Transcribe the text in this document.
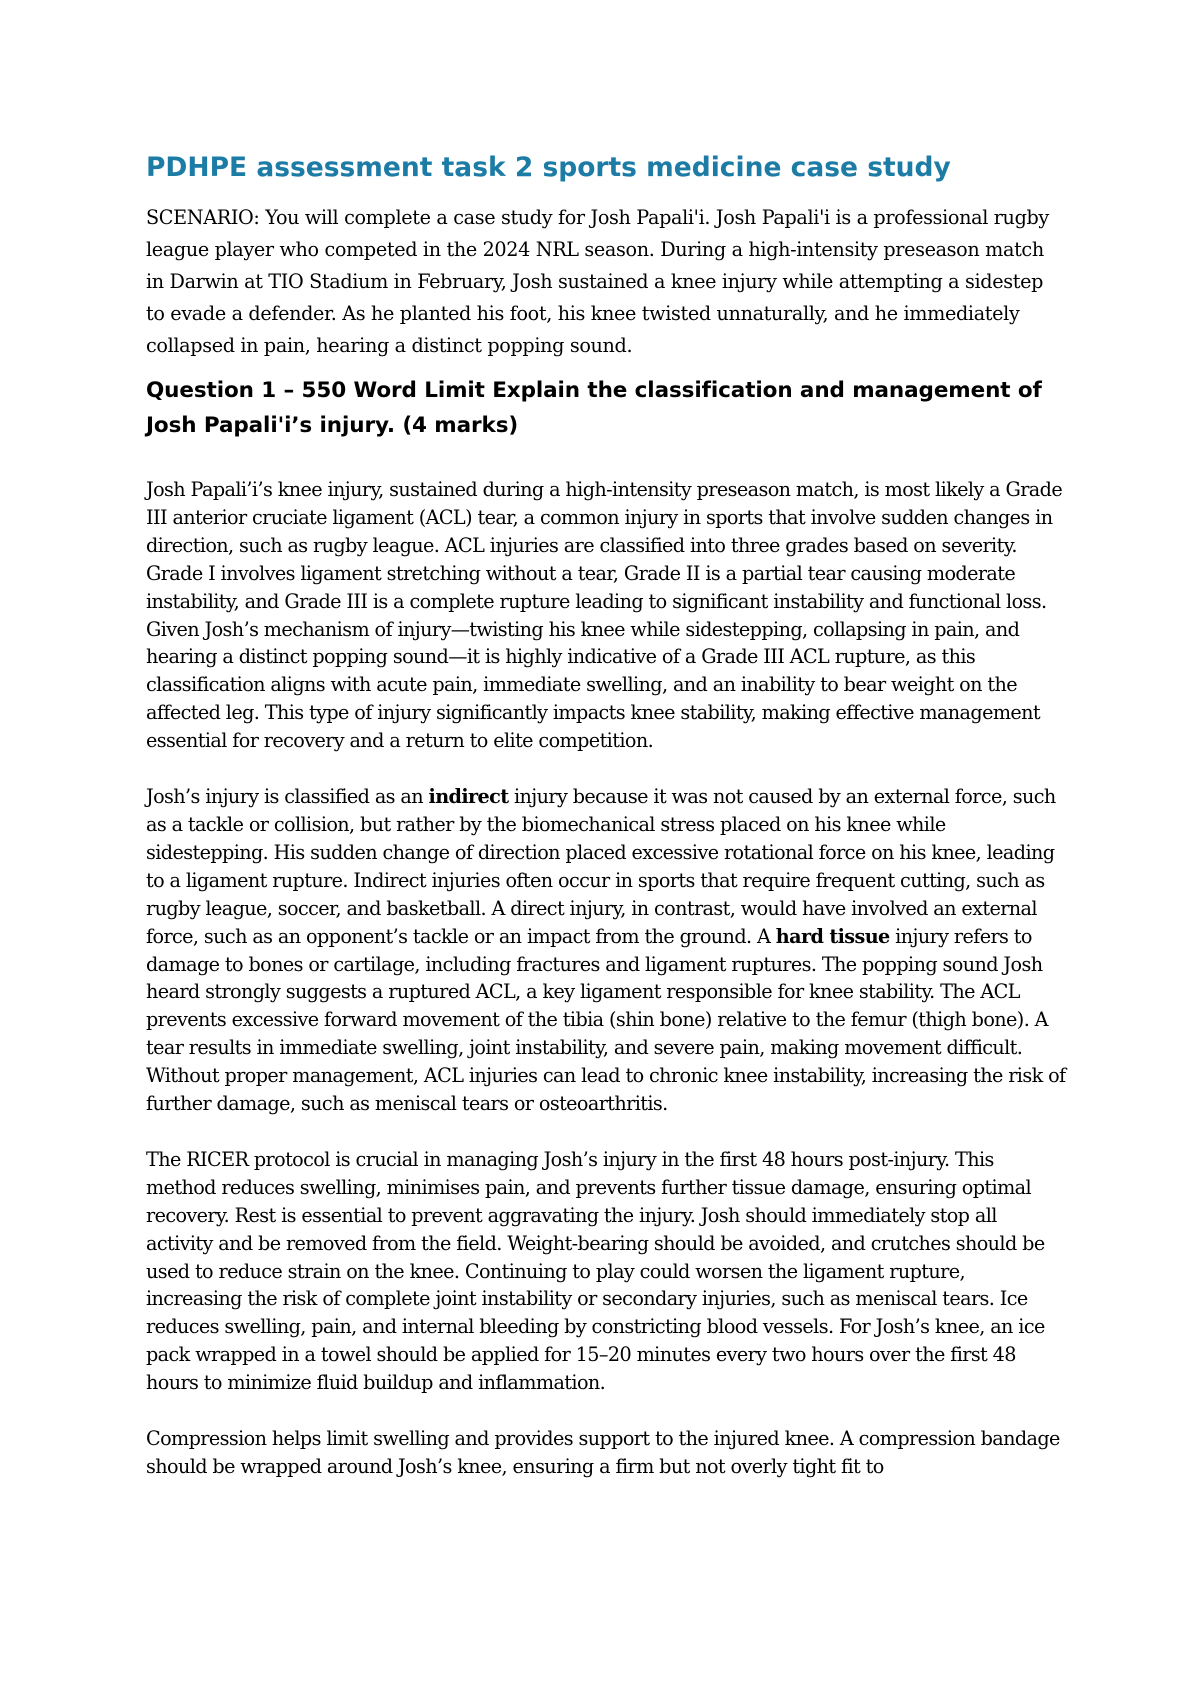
PDHPE assessment task 2 sports medicine case study

SCENARIO: You will complete a case study for Josh Papali'i. Josh Papali'i is a professional rugby league player who competed in the 2024 NRL season. During a high-intensity preseason match in Darwin at TIO Stadium in February, Josh sustained a knee injury while attempting a sidestep to evade a defender. As he planted his foot, his knee twisted unnaturally, and he immediately collapsed in pain, hearing a distinct popping sound.

Question 1 – 550 Word Limit Explain the classification and management of Josh Papali'i’s injury. (4 marks)

Josh Papali’i’s knee injury, sustained during a high-intensity preseason match, is most likely a Grade III anterior cruciate ligament (ACL) tear, a common injury in sports that involve sudden changes in direction, such as rugby league. ACL injuries are classified into three grades based on severity. Grade I involves ligament stretching without a tear, Grade II is a partial tear causing moderate instability, and Grade III is a complete rupture leading to significant instability and functional loss. Given Josh’s mechanism of injury—twisting his knee while sidestepping, collapsing in pain, and hearing a distinct popping sound—it is highly indicative of a Grade III ACL rupture, as this classification aligns with acute pain, immediate swelling, and an inability to bear weight on the affected leg. This type of injury significantly impacts knee stability, making effective management essential for recovery and a return to elite competition.

Josh’s injury is classified as an indirect injury because it was not caused by an external force, such as a tackle or collision, but rather by the biomechanical stress placed on his knee while sidestepping. His sudden change of direction placed excessive rotational force on his knee, leading to a ligament rupture. Indirect injuries often occur in sports that require frequent cutting, such as rugby league, soccer, and basketball. A direct injury, in contrast, would have involved an external force, such as an opponent’s tackle or an impact from the ground. A hard tissue injury refers to damage to bones or cartilage, including fractures and ligament ruptures. The popping sound Josh heard strongly suggests a ruptured ACL, a key ligament responsible for knee stability. The ACL prevents excessive forward movement of the tibia (shin bone) relative to the femur (thigh bone). A tear results in immediate swelling, joint instability, and severe pain, making movement difficult. Without proper management, ACL injuries can lead to chronic knee instability, increasing the risk of further damage, such as meniscal tears or osteoarthritis.

The RICER protocol is crucial in managing Josh’s injury in the first 48 hours post-injury. This method reduces swelling, minimises pain, and prevents further tissue damage, ensuring optimal recovery. Rest is essential to prevent aggravating the injury. Josh should immediately stop all activity and be removed from the field. Weight-bearing should be avoided, and crutches should be used to reduce strain on the knee. Continuing to play could worsen the ligament rupture, increasing the risk of complete joint instability or secondary injuries, such as meniscal tears. Ice reduces swelling, pain, and internal bleeding by constricting blood vessels. For Josh’s knee, an ice pack wrapped in a towel should be applied for 15–20 minutes every two hours over the first 48 hours to minimize fluid buildup and inflammation.

Compression helps limit swelling and provides support to the injured knee. A compression bandage should be wrapped around Josh’s knee, ensuring a firm but not overly tight fit to
